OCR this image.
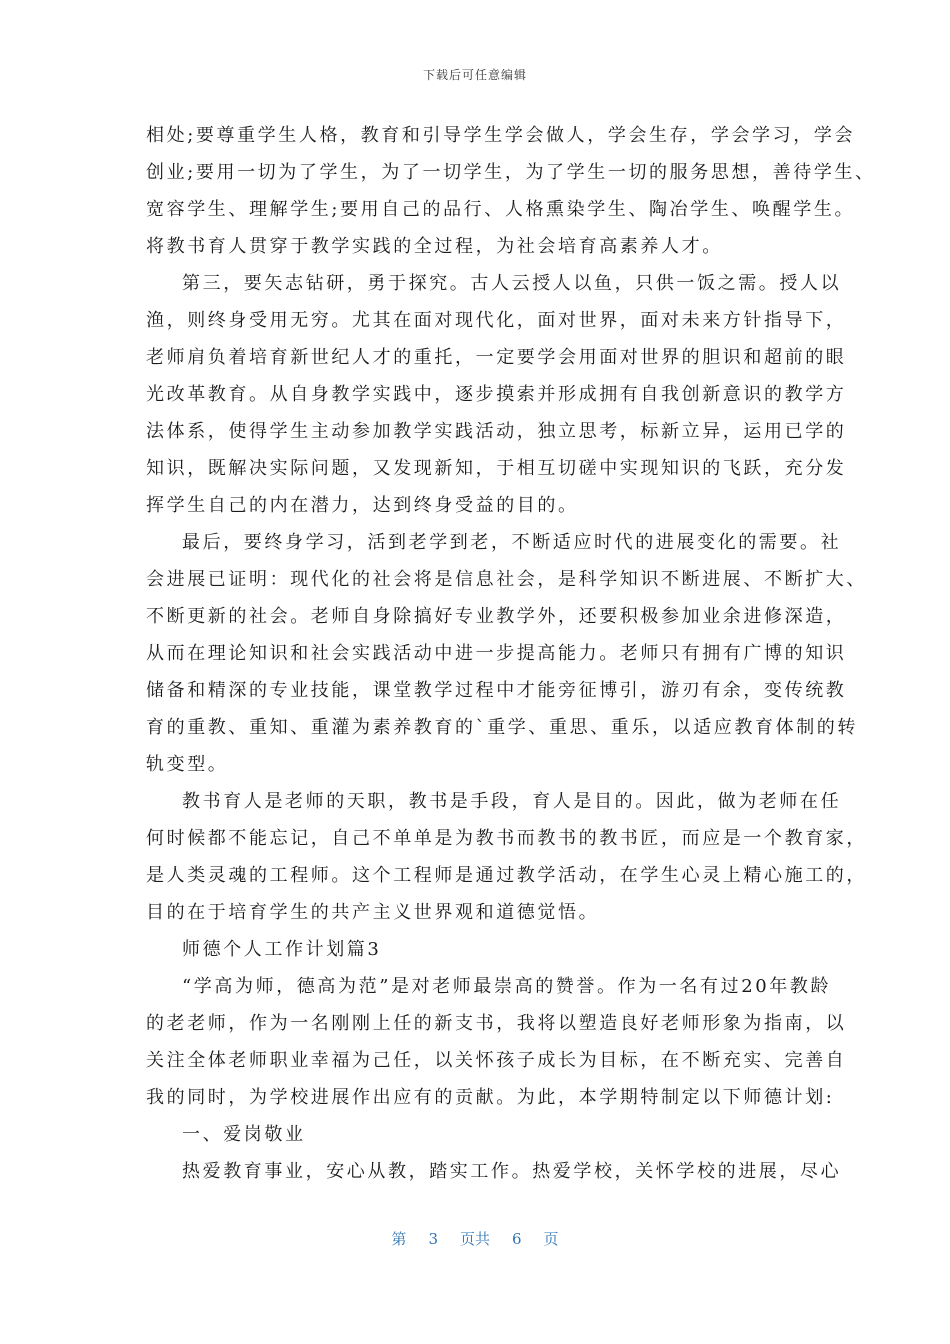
下载后可任意编辑
相处;要尊重学生人格，教育和引导学生学会做人，学会生存，学会学习，学会
创业;要用一切为了学生，为了一切学生，为了学生一切的服务思想，善待学生、
宽容学生、理解学生;要用自己的品行、人格熏染学生、陶冶学生、唤醒学生。
将教书育人贯穿于教学实践的全过程，为社会培育高素养人才。
第三，要矢志钻研，勇于探究。古人云授人以鱼，只供一饭之需。授人以
渔，则终身受用无穷。尤其在面对现代化，面对世界，面对未来方针指导下，
老师肩负着培育新世纪人才的重托，一定要学会用面对世界的胆识和超前的眼
光改革教育。从自身教学实践中，逐步摸索并形成拥有自我创新意识的教学方
法体系，使得学生主动参加教学实践活动，独立思考，标新立异，运用已学的
知识，既解决实际问题，又发现新知，于相互切磋中实现知识的飞跃，充分发
挥学生自己的内在潜力，达到终身受益的目的。
最后，要终身学习，活到老学到老，不断适应时代的进展变化的需要。社
会进展已证明：现代化的社会将是信息社会，是科学知识不断进展、不断扩大、
不断更新的社会。老师自身除搞好专业教学外，还要积极参加业余进修深造，
从而在理论知识和社会实践活动中进一步提高能力。老师只有拥有广博的知识
储备和精深的专业技能，课堂教学过程中才能旁征博引，游刃有余，变传统教
育的重教、重知、重灌为素养教育的`重学、重思、重乐，以适应教育体制的转
轨变型。
教书育人是老师的天职，教书是手段，育人是目的。因此，做为老师在任
何时候都不能忘记，自己不单单是为教书而教书的教书匠，而应是一个教育家，
是人类灵魂的工程师。这个工程师是通过教学活动，在学生心灵上精心施工的，
目的在于培育学生的共产主义世界观和道德觉悟。
师德个人工作计划篇3
“学高为师，德高为范”是对老师最崇高的赞誉。作为一名有过20年教龄
的老老师，作为一名刚刚上任的新支书，我将以塑造良好老师形象为指南，以
关注全体老师职业幸福为己任，以关怀孩子成长为目标，在不断充实、完善自
我的同时，为学校进展作出应有的贡献。为此，本学期特制定以下师德计划:
一、爱岗敬业
热爱教育事业，安心从教，踏实工作。热爱学校，关怀学校的进展，尽心
第 3 页共 6 页
